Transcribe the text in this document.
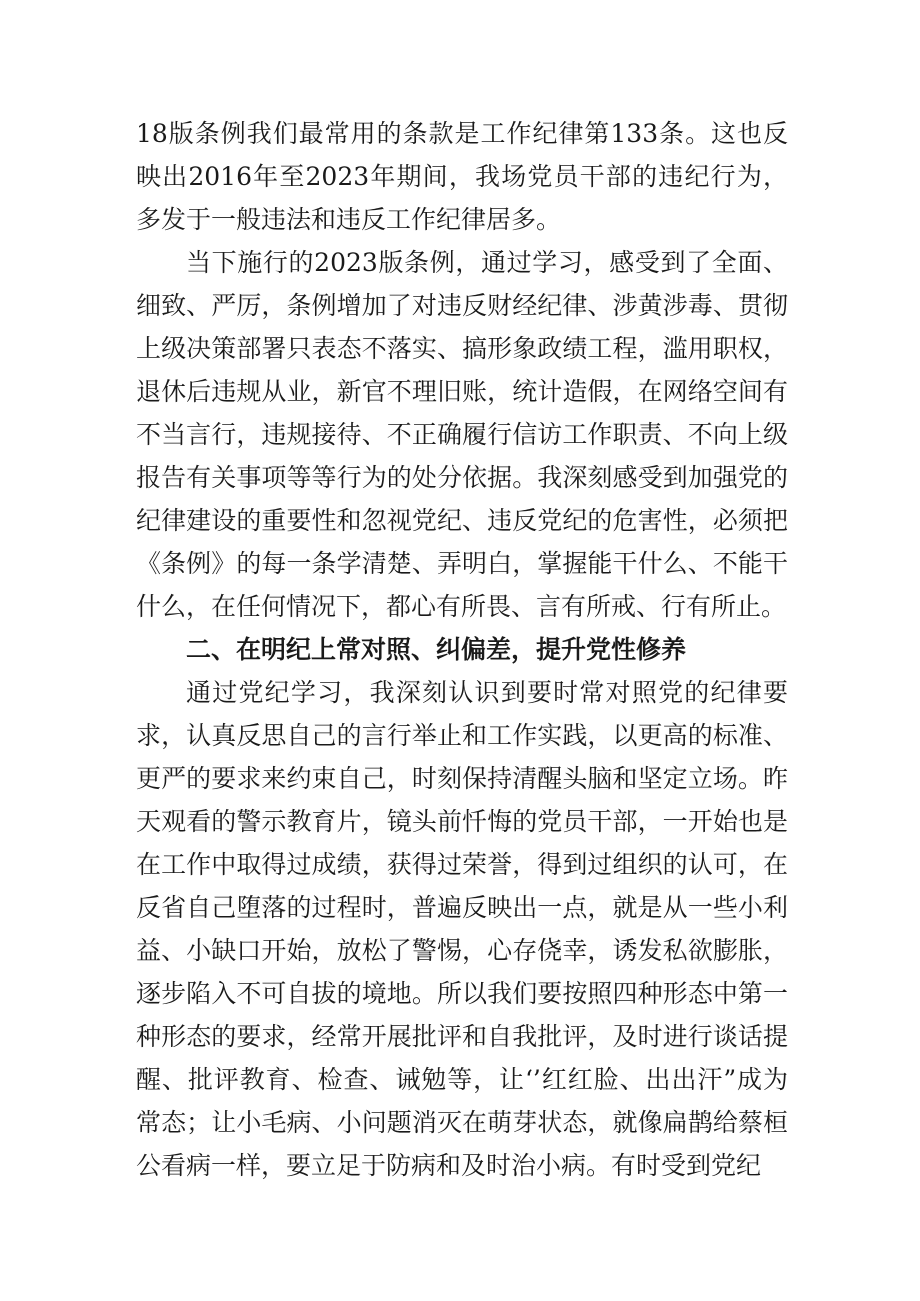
18版条例我们最常用的条款是工作纪律第133条。这也反映出2016年至2023年期间，我场党员干部的违纪行为，多发于一般违法和违反工作纪律居多。

当下施行的2023版条例，通过学习，感受到了全面、细致、严厉，条例增加了对违反财经纪律、涉黄涉毒、贯彻上级决策部署只表态不落实、搞形象政绩工程，滥用职权，退休后违规从业，新官不理旧账，统计造假，在网络空间有不当言行，违规接待、不正确履行信访工作职责、不向上级报告有关事项等等行为的处分依据。我深刻感受到加强党的纪律建设的重要性和忽视党纪、违反党纪的危害性，必须把《条例》的每一条学清楚、弄明白，掌握能干什么、不能干什么，在任何情况下，都心有所畏、言有所戒、行有所止。

二、在明纪上常对照、纠偏差，提升党性修养

通过党纪学习，我深刻认识到要时常对照党的纪律要求，认真反思自己的言行举止和工作实践，以更高的标准、更严的要求来约束自己，时刻保持清醒头脑和坚定立场。昨天观看的警示教育片，镜头前忏悔的党员干部，一开始也是在工作中取得过成绩，获得过荣誉，得到过组织的认可，在反省自己堕落的过程时，普遍反映出一点，就是从一些小利益、小缺口开始，放松了警惕，心存侥幸，诱发私欲膨胀，逐步陷入不可自拔的境地。所以我们要按照四种形态中第一种形态的要求，经常开展批评和自我批评，及时进行谈话提醒、批评教育、检查、诫勉等，让‘’红红脸、出出汗”成为常态；让小毛病、小问题消灭在萌芽状态，就像扁鹊给蔡桓公看病一样，要立足于防病和及时治小病。有时受到党纪
